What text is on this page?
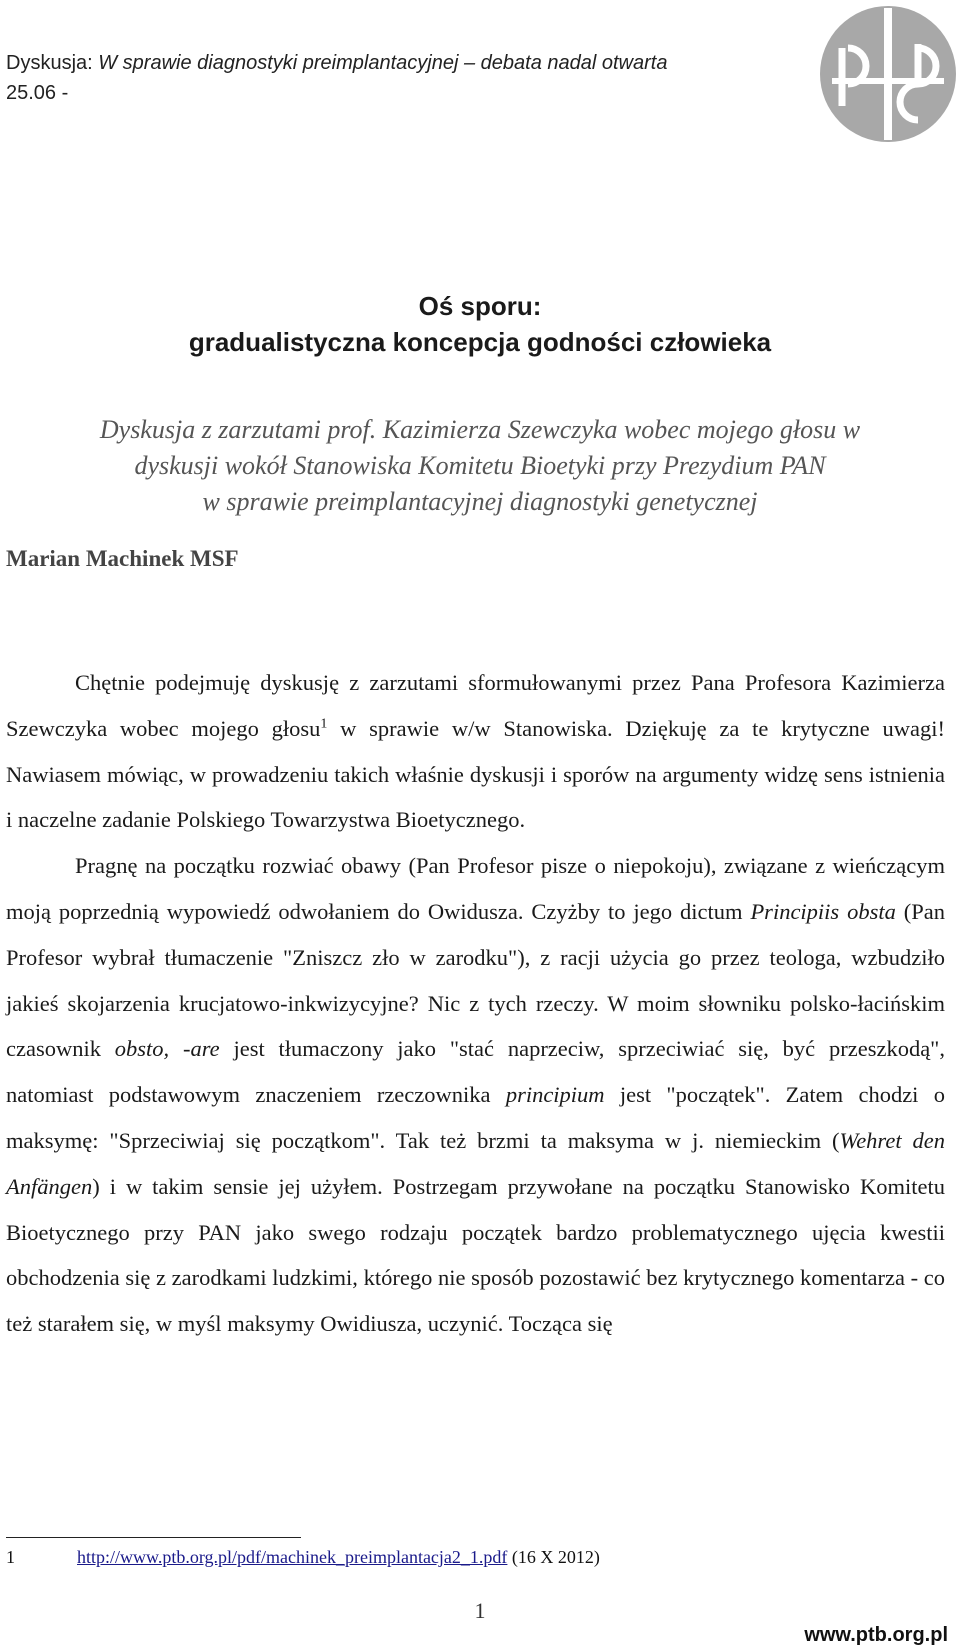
Dyskusja: W sprawie diagnostyki preimplantacyjnej – debata nadal otwarta
25.06 -
Oś sporu:
gradualistyczna koncepcja godności człowieka
Dyskusja z zarzutami prof. Kazimierza Szewczyka wobec mojego głosu w
dyskusji wokół Stanowiska Komitetu Bioetyki przy Prezydium PAN
w sprawie preimplantacyjnej diagnostyki genetycznej
Marian Machinek MSF

Chętnie podejmuję dyskusję z zarzutami sformułowanymi przez Pana Profesora Kazimierza Szewczyka wobec mojego głosu$^1$ w sprawie w/w Stanowiska. Dziękuję za te krytyczne uwagi! Nawiasem mówiąc, w prowadzeniu takich właśnie dyskusji i sporów na argumenty widzę sens istnienia i naczelne zadanie Polskiego Towarzystwa Bioetycznego.

Pragnę na początku rozwiać obawy (Pan Profesor pisze o niepokoju), związane z wieńczącym moją poprzednią wypowiedź odwołaniem do Owidusza. Czyżby to jego dictum Principiis obsta (Pan Profesor wybrał tłumaczenie "Zniszcz zło w zarodku"), z racji użycia go przez teologa, wzbudziło jakieś skojarzenia krucjatowo-inkwizycyjne? Nic z tych rzeczy. W moim słowniku polsko-łacińskim czasownik obsto, -are jest tłumaczony jako "stać naprzeciw, sprzeciwiać się, być przeszkodą", natomiast podstawowym znaczeniem rzeczownika principium jest "początek". Zatem chodzi o maksymę: "Sprzeciwiaj się początkom". Tak też brzmi ta maksyma w j. niemieckim (Wehret den Anfängen) i w takim sensie jej użyłem. Postrzegam przywołane na początku Stanowisko Komitetu Bioetycznego przy PAN jako swego rodzaju początek bardzo problematycznego ujęcia kwestii obchodzenia się z zarodkami ludzkimi, którego nie sposób pozostawić bez krytycznego komentarza - co też starałem się, w myśl maksymy Owidiusza, uczynić. Tocząca się

1	http://www.ptb.org.pl/pdf/machinek_preimplantacja2_1.pdf (16 X 2012)
1
www.ptb.org.pl
